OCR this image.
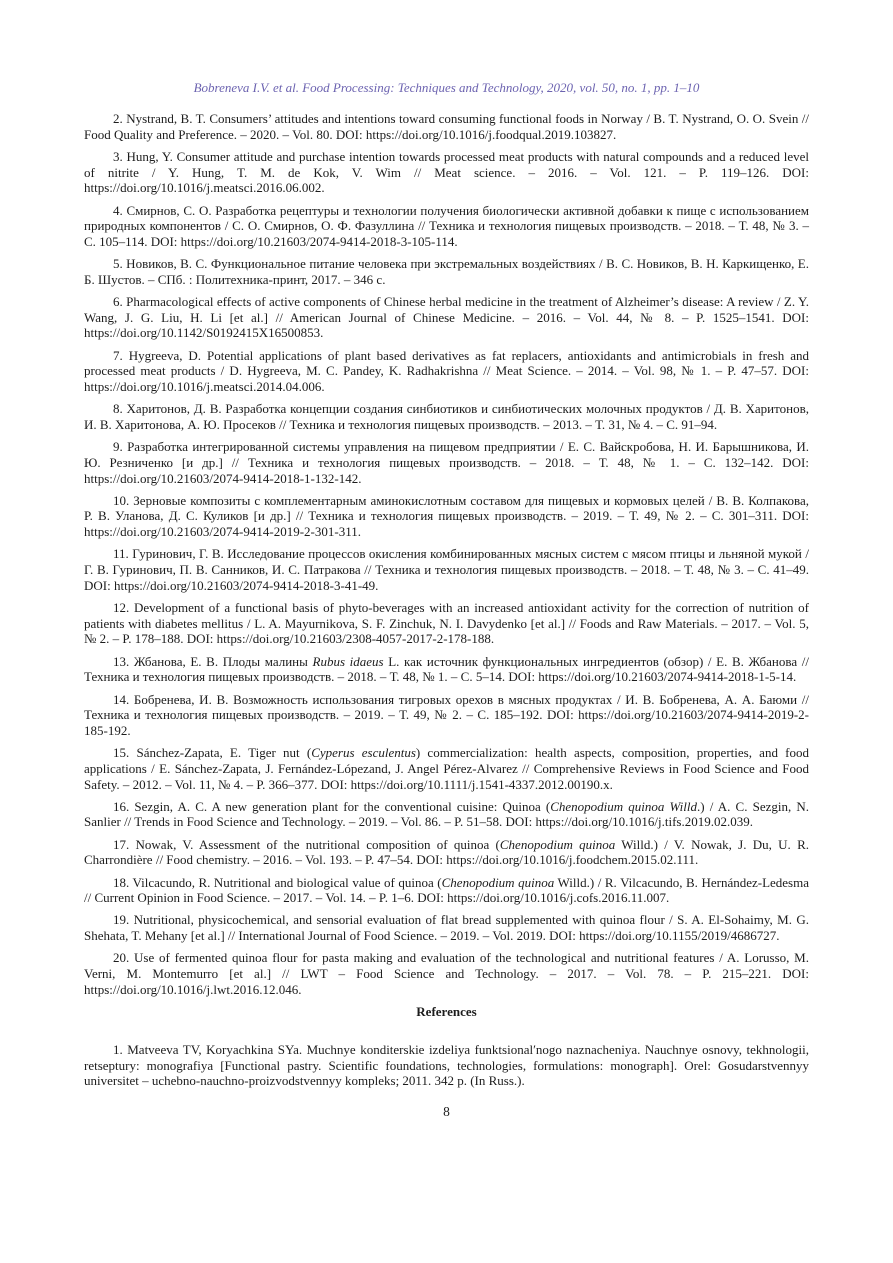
Bobreneva I.V. et al. Food Processing: Techniques and Technology, 2020, vol. 50, no. 1, pp. 1–10

2. Nystrand, B. T. Consumers’ attitudes and intentions toward consuming functional foods in Norway / B. T. Nystrand, O. O. Svein // Food Quality and Preference. – 2020. – Vol. 80. DOI: https://doi.org/10.1016/j.foodqual.2019.103827.

3. Hung, Y. Consumer attitude and purchase intention towards processed meat products with natural compounds and a reduced level of nitrite / Y. Hung, T. M. de Kok, V. Wim // Meat science. – 2016. – Vol. 121. – P. 119–126. DOI: https://doi.org/10.1016/j.meatsci.2016.06.002.

4. Смирнов, С. О. Разработка рецептуры и технологии получения биологически активной добавки к пище с использованием природных компонентов / С. О. Смирнов, О. Ф. Фазуллина // Техника и технология пищевых производств. – 2018. – Т. 48, № 3. – С. 105–114. DOI: https://doi.org/10.21603/2074-9414-2018-3-105-114.

5. Новиков, В. С. Функциональное питание человека при экстремальных воздействиях / В. С. Новиков, В. Н. Каркищенко, Е. Б. Шустов. – СПб. : Политехника-принт, 2017. – 346 с.

6. Pharmacological effects of active components of Chinese herbal medicine in the treatment of Alzheimer’s disease: A review / Z. Y. Wang, J. G. Liu, H. Li [et al.] // American Journal of Chinese Medicine. – 2016. – Vol. 44, № 8. – P. 1525–1541. DOI: https://doi.org/10.1142/S0192415X16500853.

7. Hygreeva, D. Potential applications of plant based derivatives as fat replacers, antioxidants and antimicrobials in fresh and processed meat products / D. Hygreeva, M. C. Pandey, K. Radhakrishna // Meat Science. – 2014. – Vol. 98, № 1. – P. 47–57. DOI: https://doi.org/10.1016/j.meatsci.2014.04.006.

8. Харитонов, Д. В. Разработка концепции создания синбиотиков и синбиотических молочных продуктов / Д. В. Харитонов, И. В. Харитонова, А. Ю. Просеков // Техника и технология пищевых производств. – 2013. – Т. 31, № 4. – С. 91–94.

9. Разработка интегрированной системы управления на пищевом предприятии / Е. С. Вайскробова, Н. И. Барышникова, И. Ю. Резниченко [и др.] // Техника и технология пищевых производств. – 2018. – Т. 48, № 1. – С. 132–142. DOI: https://doi.org/10.21603/2074-9414-2018-1-132-142.

10. Зерновые композиты с комплементарным аминокислотным составом для пищевых и кормовых целей / В. В. Колпакова, Р. В. Уланова, Д. С. Куликов [и др.] // Техника и технология пищевых производств. – 2019. – Т. 49, № 2. – С. 301–311. DOI: https://doi.org/10.21603/2074-9414-2019-2-301-311.

11. Гуринович, Г. В. Исследование процессов окисления комбинированных мясных систем с мясом птицы и льняной мукой / Г. В. Гуринович, П. В. Санников, И. С. Патракова // Техника и технология пищевых производств. – 2018. – Т. 48, № 3. – С. 41–49. DOI: https://doi.org/10.21603/2074-9414-2018-3-41-49.

12. Development of a functional basis of phyto-beverages with an increased antioxidant activity for the correction of nutrition of patients with diabetes mellitus / L. A. Mayurnikova, S. F. Zinchuk, N. I. Davydenko [et al.] // Foods and Raw Materials. – 2017. – Vol. 5, № 2. – P. 178–188. DOI: https://doi.org/10.21603/2308-4057-2017-2-178-188.

13. Жбанова, Е. В. Плоды малины Rubus idaeus L. как источник функциональных ингредиентов (обзор) / Е. В. Жбанова // Техника и технология пищевых производств. – 2018. – Т. 48, № 1. – С. 5–14. DOI: https://doi.org/10.21603/2074-9414-2018-1-5-14.

14. Бобренева, И. В. Возможность использования тигровых орехов в мясных продуктах / И. В. Бобренева, А. А. Баюми // Техника и технология пищевых производств. – 2019. – Т. 49, № 2. – С. 185–192. DOI: https://doi.org/10.21603/2074-9414-2019-2-185-192.

15. Sánchez-Zapata, E. Tiger nut (Cyperus esculentus) commercialization: health aspects, composition, properties, and food applications / E. Sánchez-Zapata, J. Fernández-Lópezand, J. Angel Pérez-Alvarez // Comprehensive Reviews in Food Science and Food Safety. – 2012. – Vol. 11, № 4. – P. 366–377. DOI: https://doi.org/10.1111/j.1541-4337.2012.00190.x.

16. Sezgin, A. C. A new generation plant for the conventional cuisine: Quinoa (Chenopodium quinoa Willd.) / A. C. Sezgin, N. Sanlier // Trends in Food Science and Technology. – 2019. – Vol. 86. – P. 51–58. DOI: https://doi.org/10.1016/j.tifs.2019.02.039.

17. Nowak, V. Assessment of the nutritional composition of quinoa (Chenopodium quinoa Willd.) / V. Nowak, J. Du, U. R. Charrondière // Food chemistry. – 2016. – Vol. 193. – P. 47–54. DOI: https://doi.org/10.1016/j.foodchem.2015.02.111.

18. Vilcacundo, R. Nutritional and biological value of quinoa (Chenopodium quinoa Willd.) / R. Vilcacundo, B. Hernández-Ledesma // Current Opinion in Food Science. – 2017. – Vol. 14. – P. 1–6. DOI: https://doi.org/10.1016/j.cofs.2016.11.007.

19. Nutritional, physicochemical, and sensorial evaluation of flat bread supplemented with quinoa flour / S. A. El-Sohaimy, M. G. Shehata, T. Mehany [et al.] // International Journal of Food Science. – 2019. – Vol. 2019. DOI: https://doi.org/10.1155/2019/4686727.

20. Use of fermented quinoa flour for pasta making and evaluation of the technological and nutritional features / A. Lorusso, M. Verni, M. Montemurro [et al.] // LWT – Food Science and Technology. – 2017. – Vol. 78. – P. 215–221. DOI: https://doi.org/10.1016/j.lwt.2016.12.046.

References

1. Matveeva TV, Koryachkina SYa. Muchnye konditerskie izdeliya funktsionalʹnogo naznacheniya. Nauchnye osnovy, tekhnologii, retseptury: monografiya [Functional pastry. Scientific foundations, technologies, formulations: monograph]. Orel: Gosudarstvennyy universitet – uchebno-nauchno-proizvodstvennyy kompleks; 2011. 342 p. (In Russ.).

8
